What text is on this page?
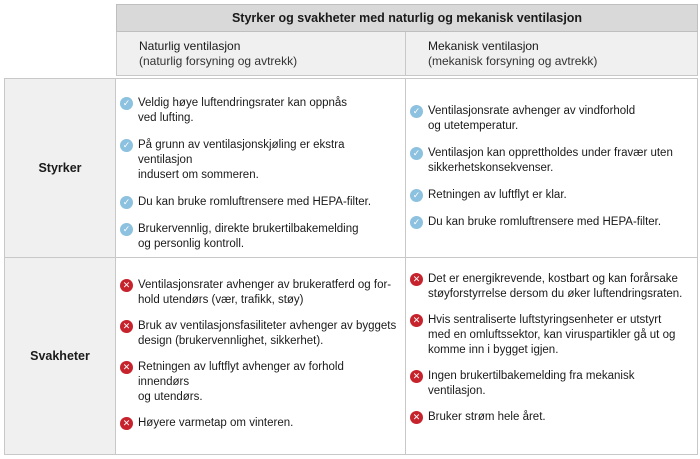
Styrker og svakheter med naturlig og mekanisk ventilasjon
Naturlig ventilasjon
(naturlig forsyning og avtrekk)
Mekanisk ventilasjon
(mekanisk forsyning og avtrekk)
Styrker
Svakheter
✓ Veldig høye luftendringsrater kan oppnås
ved lufting.
✓ På grunn av ventilasjonskjøling er ekstra ventilasjon
indusert om sommeren.
✓ Du kan bruke romluftrensere med HEPA-filter.
✓ Brukervennlig, direkte brukertilbakemelding
og personlig kontroll.
✓ Ventilasjonsrate avhenger av vindforhold
og utetemperatur.
✓ Ventilasjon kan opprettholdes under fravær uten
sikkerhetskonsekvenser.
✓ Retningen av luftflyt er klar.
✓ Du kan bruke romluftrensere med HEPA-filter.
✕ Ventilasjonsrater avhenger av brukeratferd og for-
hold utendørs (vær, trafikk, støy)
✕ Bruk av ventilasjonsfasiliteter avhenger av byggets
design (brukervennlighet, sikkerhet).
✕ Retningen av luftflyt avhenger av forhold innendørs
og utendørs.
✕ Høyere varmetap om vinteren.
✕ Det er energikrevende, kostbart og kan forårsake
støyforstyrrelse dersom du øker luftendringsraten.
✕ Hvis sentraliserte luftstyringsenheter er utstyrt
med en omluftssektor, kan viruspartikler gå ut og
komme inn i bygget igjen.
✕ Ingen brukertilbakemelding fra mekanisk
ventilasjon.
✕ Bruker strøm hele året.
